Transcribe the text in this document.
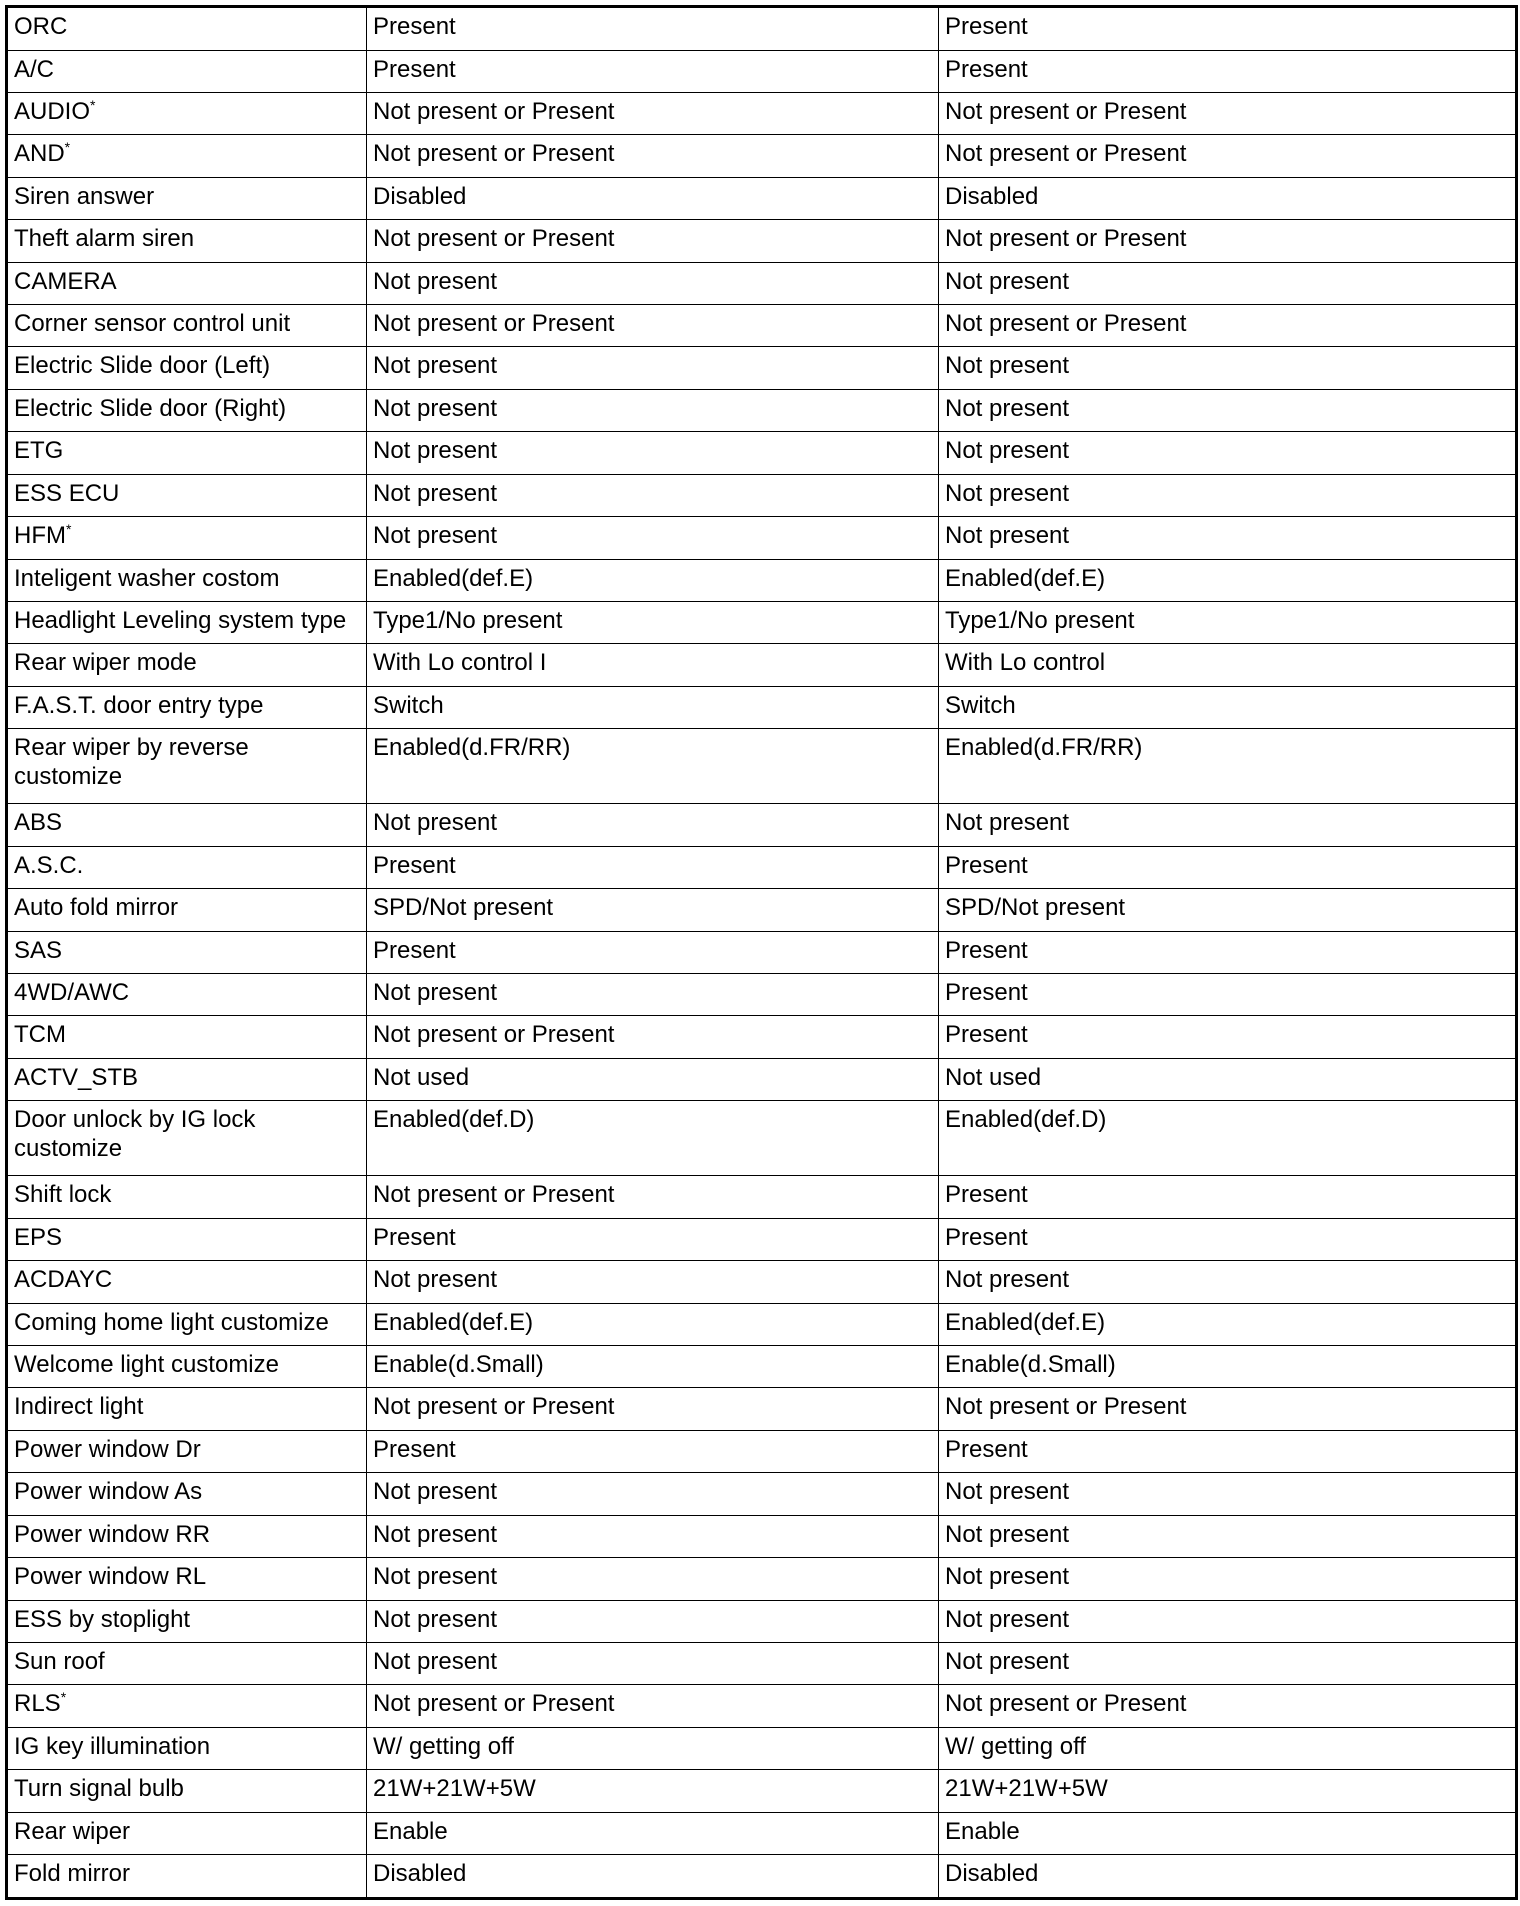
ORC	Present	Present
A/C	Present	Present
AUDIO*	Not present or Present	Not present or Present
AND*	Not present or Present	Not present or Present
Siren answer	Disabled	Disabled
Theft alarm siren	Not present or Present	Not present or Present
CAMERA	Not present	Not present
Corner sensor control unit	Not present or Present	Not present or Present
Electric Slide door (Left)	Not present	Not present
Electric Slide door (Right)	Not present	Not present
ETG	Not present	Not present
ESS ECU	Not present	Not present
HFM*	Not present	Not present
Inteligent washer costom	Enabled(def.E)	Enabled(def.E)
Headlight Leveling system type	Type1/No present	Type1/No present
Rear wiper mode	With Lo control I	With Lo control
F.A.S.T. door entry type	Switch	Switch
Rear wiper by reverse customize	Enabled(d.FR/RR)	Enabled(d.FR/RR)
ABS	Not present	Not present
A.S.C.	Present	Present
Auto fold mirror	SPD/Not present	SPD/Not present
SAS	Present	Present
4WD/AWC	Not present	Present
TCM	Not present or Present	Present
ACTV_STB	Not used	Not used
Door unlock by IG lock customize	Enabled(def.D)	Enabled(def.D)
Shift lock	Not present or Present	Present
EPS	Present	Present
ACDAYC	Not present	Not present
Coming home light customize	Enabled(def.E)	Enabled(def.E)
Welcome light customize	Enable(d.Small)	Enable(d.Small)
Indirect light	Not present or Present	Not present or Present
Power window Dr	Present	Present
Power window As	Not present	Not present
Power window RR	Not present	Not present
Power window RL	Not present	Not present
ESS by stoplight	Not present	Not present
Sun roof	Not present	Not present
RLS*	Not present or Present	Not present or Present
IG key illumination	W/ getting off	W/ getting off
Turn signal bulb	21W+21W+5W	21W+21W+5W
Rear wiper	Enable	Enable
Fold mirror	Disabled	Disabled
